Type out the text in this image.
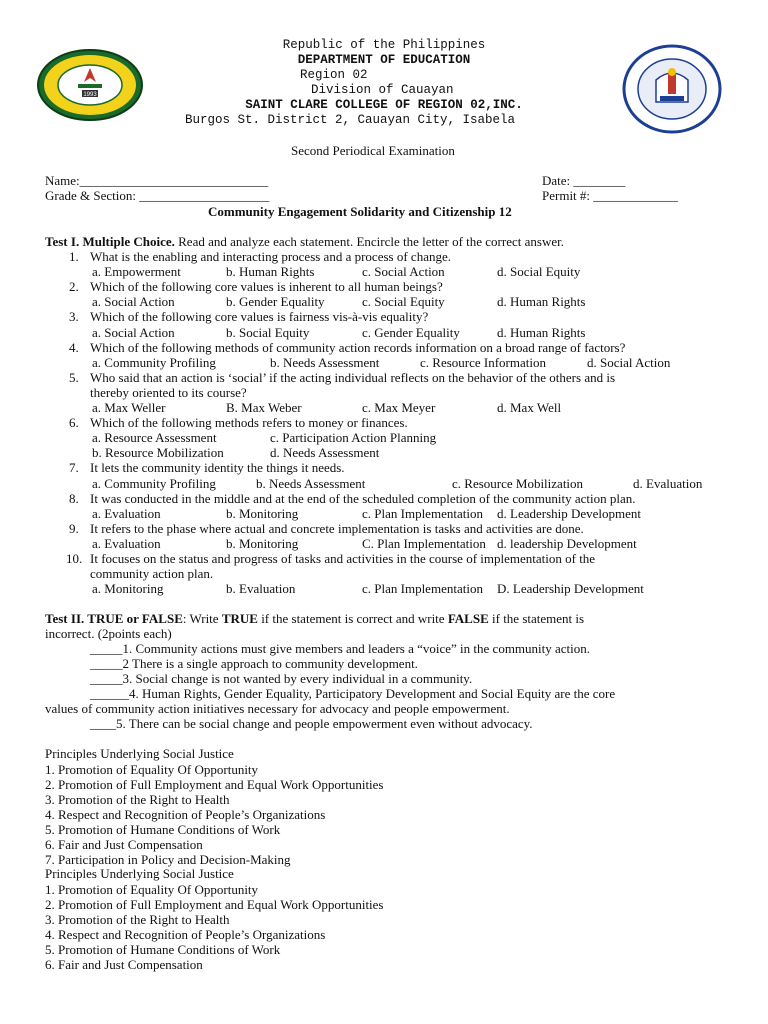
1993
Republic of the Philippines
DEPARTMENT OF EDUCATION
Region 02
Division of Cauayan
SAINT CLARE COLLEGE OF REGION 02,INC.
Burgos St. District 2, Cauayan City, Isabela
Second Periodical Examination
Name:_____________________________	Date: ________
Grade & Section: ____________________	Permit #: _____________
Community Engagement Solidarity and Citizenship 12
Test I. Multiple Choice. Read and analyze each statement. Encircle the letter of the correct answer.
1. What is the enabling and interacting process and a process of change.
a. Empowerment	b. Human Rights	c. Social Action	d. Social Equity
2. Which of the following core values is inherent to all human beings?
a. Social Action	b. Gender Equality	c. Social Equity	d. Human Rights
3. Which of the following core values is fairness vis-à-vis equality?
a. Social Action	b. Social Equity	c. Gender Equality	d. Human Rights
4. Which of the following methods of community action records information on a broad range of factors?
a. Community Profiling	b. Needs Assessment	c. Resource Information	d. Social Action
5. Who said that an action is ‘social’ if the acting individual reflects on the behavior of the others and is
thereby oriented to its course?
a. Max Weller	B. Max Weber	c. Max Meyer	d. Max Well
6. Which of the following methods refers to money or finances.
a. Resource Assessment	c. Participation Action Planning
b. Resource Mobilization	d. Needs Assessment
7. It lets the community identity the things it needs.
a. Community Profiling	b. Needs Assessment	c. Resource Mobilization	d. Evaluation
8. It was conducted in the middle and at the end of the scheduled completion of the community action plan.
a. Evaluation	b. Monitoring	c. Plan Implementation d. Leadership Development
9. It refers to the phase where actual and concrete implementation is tasks and activities are done.
a. Evaluation	b. Monitoring	C. Plan Implementation d. leadership Development
10. It focuses on the status and progress of tasks and activities in the course of implementation of the
community action plan.
a. Monitoring	b. Evaluation	c. Plan Implementation D. Leadership Development
Test II. TRUE or FALSE: Write TRUE if the statement is correct and write FALSE if the statement is
incorrect. (2points each)
_____1. Community actions must give members and leaders a “voice” in the community action.
_____2 There is a single approach to community development.
_____3. Social change is not wanted by every individual in a community.
______4. Human Rights, Gender Equality, Participatory Development and Social Equity are the core
values of community action initiatives necessary for advocacy and people empowerment.
____5. There can be social change and people empowerment even without advocacy.
Principles Underlying Social Justice
1. Promotion of Equality Of Opportunity
2. Promotion of Full Employment and Equal Work Opportunities
3. Promotion of the Right to Health
4. Respect and Recognition of People’s Organizations
5. Promotion of Humane Conditions of Work
6. Fair and Just Compensation
7. Participation in Policy and Decision-Making
Principles Underlying Social Justice
1. Promotion of Equality Of Opportunity
2. Promotion of Full Employment and Equal Work Opportunities
3. Promotion of the Right to Health
4. Respect and Recognition of People’s Organizations
5. Promotion of Humane Conditions of Work
6. Fair and Just Compensation
